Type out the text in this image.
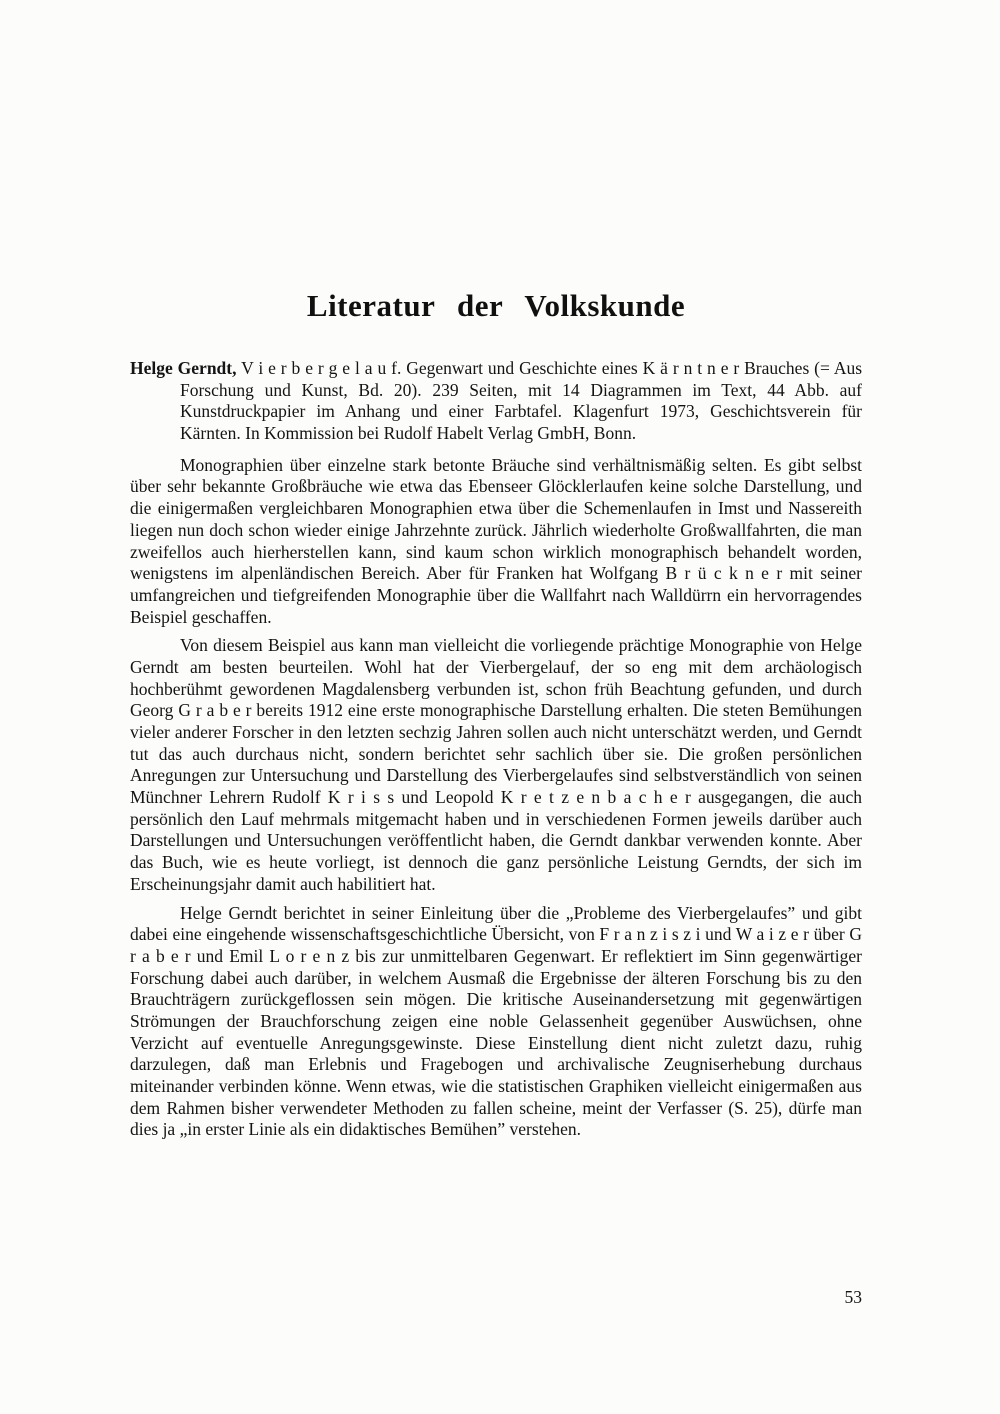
Literatur der Volkskunde

Helge Gerndt, V i e r b e r g e l a u f. Gegenwart und Geschichte eines K ä r n t n e r Brauches (= Aus Forschung und Kunst, Bd. 20). 239 Seiten, mit 14 Diagrammen im Text, 44 Abb. auf Kunstdruckpapier im Anhang und einer Farbtafel. Klagenfurt 1973, Geschichtsverein für Kärnten. In Kommission bei Rudolf Habelt Verlag GmbH, Bonn.

Monographien über einzelne stark betonte Bräuche sind verhältnismäßig selten. Es gibt selbst über sehr bekannte Großbräuche wie etwa das Ebenseer Glöcklerlaufen keine solche Darstellung, und die einigermaßen vergleichbaren Monographien etwa über die Schemenlaufen in Imst und Nassereith liegen nun doch schon wieder einige Jahrzehnte zurück. Jährlich wiederholte Großwallfahrten, die man zweifellos auch hierherstellen kann, sind kaum schon wirklich monographisch behandelt worden, wenigstens im alpenländischen Bereich. Aber für Franken hat Wolfgang B r ü c k n e r mit seiner umfangreichen und tiefgreifenden Monographie über die Wallfahrt nach Walldürrn ein hervorragendes Beispiel geschaffen.

Von diesem Beispiel aus kann man vielleicht die vorliegende prächtige Monographie von Helge Gerndt am besten beurteilen. Wohl hat der Vierbergelauf, der so eng mit dem archäologisch hochberühmt gewordenen Magdalensberg verbunden ist, schon früh Beachtung gefunden, und durch Georg G r a b e r bereits 1912 eine erste monographische Darstellung erhalten. Die steten Bemühungen vieler anderer Forscher in den letzten sechzig Jahren sollen auch nicht unterschätzt werden, und Gerndt tut das auch durchaus nicht, sondern berichtet sehr sachlich über sie. Die großen persönlichen Anregungen zur Untersuchung und Darstellung des Vierbergelaufes sind selbstverständlich von seinen Münchner Lehrern Rudolf K r i s s und Leopold K r e t z e n b a c h e r ausgegangen, die auch persönlich den Lauf mehrmals mitgemacht haben und in verschiedenen Formen jeweils darüber auch Darstellungen und Untersuchungen veröffentlicht haben, die Gerndt dankbar verwenden konnte. Aber das Buch, wie es heute vorliegt, ist dennoch die ganz persönliche Leistung Gerndts, der sich im Erscheinungsjahr damit auch habilitiert hat.

Helge Gerndt berichtet in seiner Einleitung über die „Probleme des Vierbergelaufes” und gibt dabei eine eingehende wissenschaftsgeschichtliche Übersicht, von F r a n z i s z i und W a i z e r über G r a b e r und Emil L o r e n z bis zur unmittelbaren Gegenwart. Er reflektiert im Sinn gegenwärtiger Forschung dabei auch darüber, in welchem Ausmaß die Ergebnisse der älteren Forschung bis zu den Brauchträgern zurückgeflossen sein mögen. Die kritische Auseinandersetzung mit gegenwärtigen Strömungen der Brauchforschung zeigen eine noble Gelassenheit gegenüber Auswüchsen, ohne Verzicht auf eventuelle Anregungsgewinste. Diese Einstellung dient nicht zuletzt dazu, ruhig darzulegen, daß man Erlebnis und Fragebogen und archivalische Zeugniserhebung durchaus miteinander verbinden könne. Wenn etwas, wie die statistischen Graphiken vielleicht einigermaßen aus dem Rahmen bisher verwendeter Methoden zu fallen scheine, meint der Verfasser (S. 25), dürfe man dies ja „in erster Linie als ein didaktisches Bemühen” verstehen.

53
